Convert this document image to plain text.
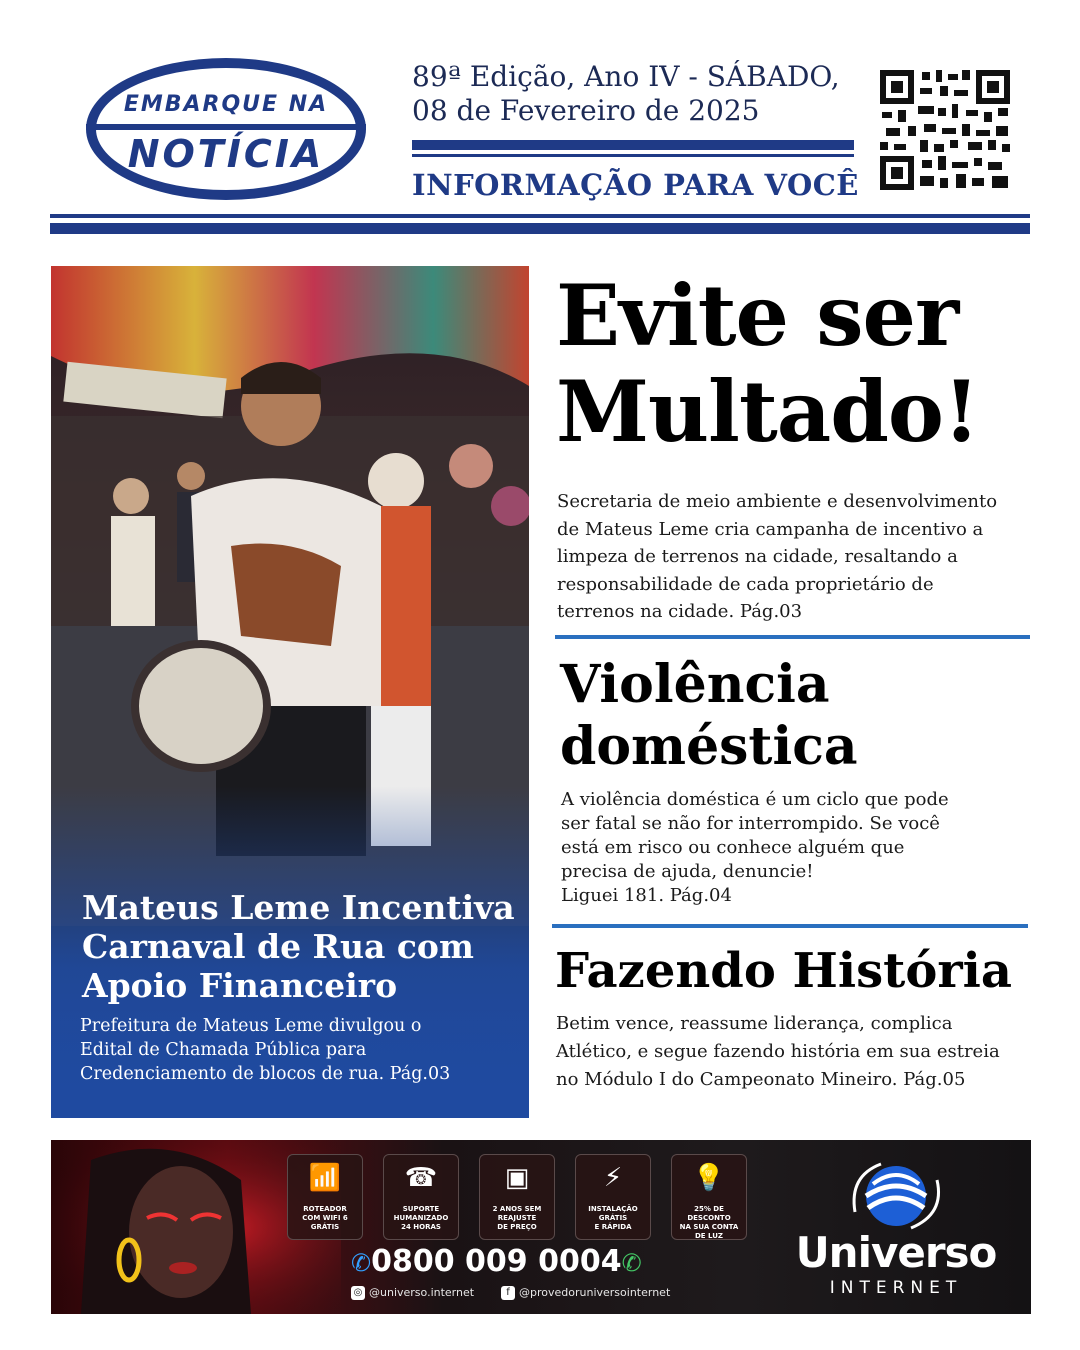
EMBARQUE NA
NOTÍCIA
89ª Edição, Ano IV - SÁBADO,
08 de Fevereiro de 2025
INFORMAÇÃO PARA VOCÊ
Mateus Leme Incentiva
Carnaval de Rua com
Apoio Financeiro
Prefeitura de Mateus Leme divulgou o
Edital de Chamada Pública para
Credenciamento de blocos de rua. Pág.03
Evite ser
Multado!
Secretaria de meio ambiente e desenvolvimento
de Mateus Leme cria campanha de incentivo a
limpeza de terrenos na cidade, resaltando a
responsabilidade de cada proprietário de
terrenos na cidade. Pág.03
Violência
doméstica
A violência doméstica é um ciclo que pode
ser fatal se não for interrompido. Se você
está em risco ou conhece alguém que
precisa de ajuda, denuncie!
Liguei 181. Pág.04
Fazendo História
Betim vence, reassume liderança, complica
Atlético, e segue fazendo história em sua estreia
no Módulo I do Campeonato Mineiro. Pág.05
📶
ROTEADOR
COM WIFI 6
GRÁTIS
☎
SUPORTE
HUMANIZADO
24 HORAS
▣
2 ANOS SEM
REAJUSTE
DE PREÇO
⚡
INSTALAÇÃO
GRÁTIS
E RÁPIDA
💡
25% DE DESCONTO
NA SUA CONTA
DE LUZ
✆0800 009 0004✆
◎ @universo.internet	f @provedoruniversointernet
Universo
INTERNET
